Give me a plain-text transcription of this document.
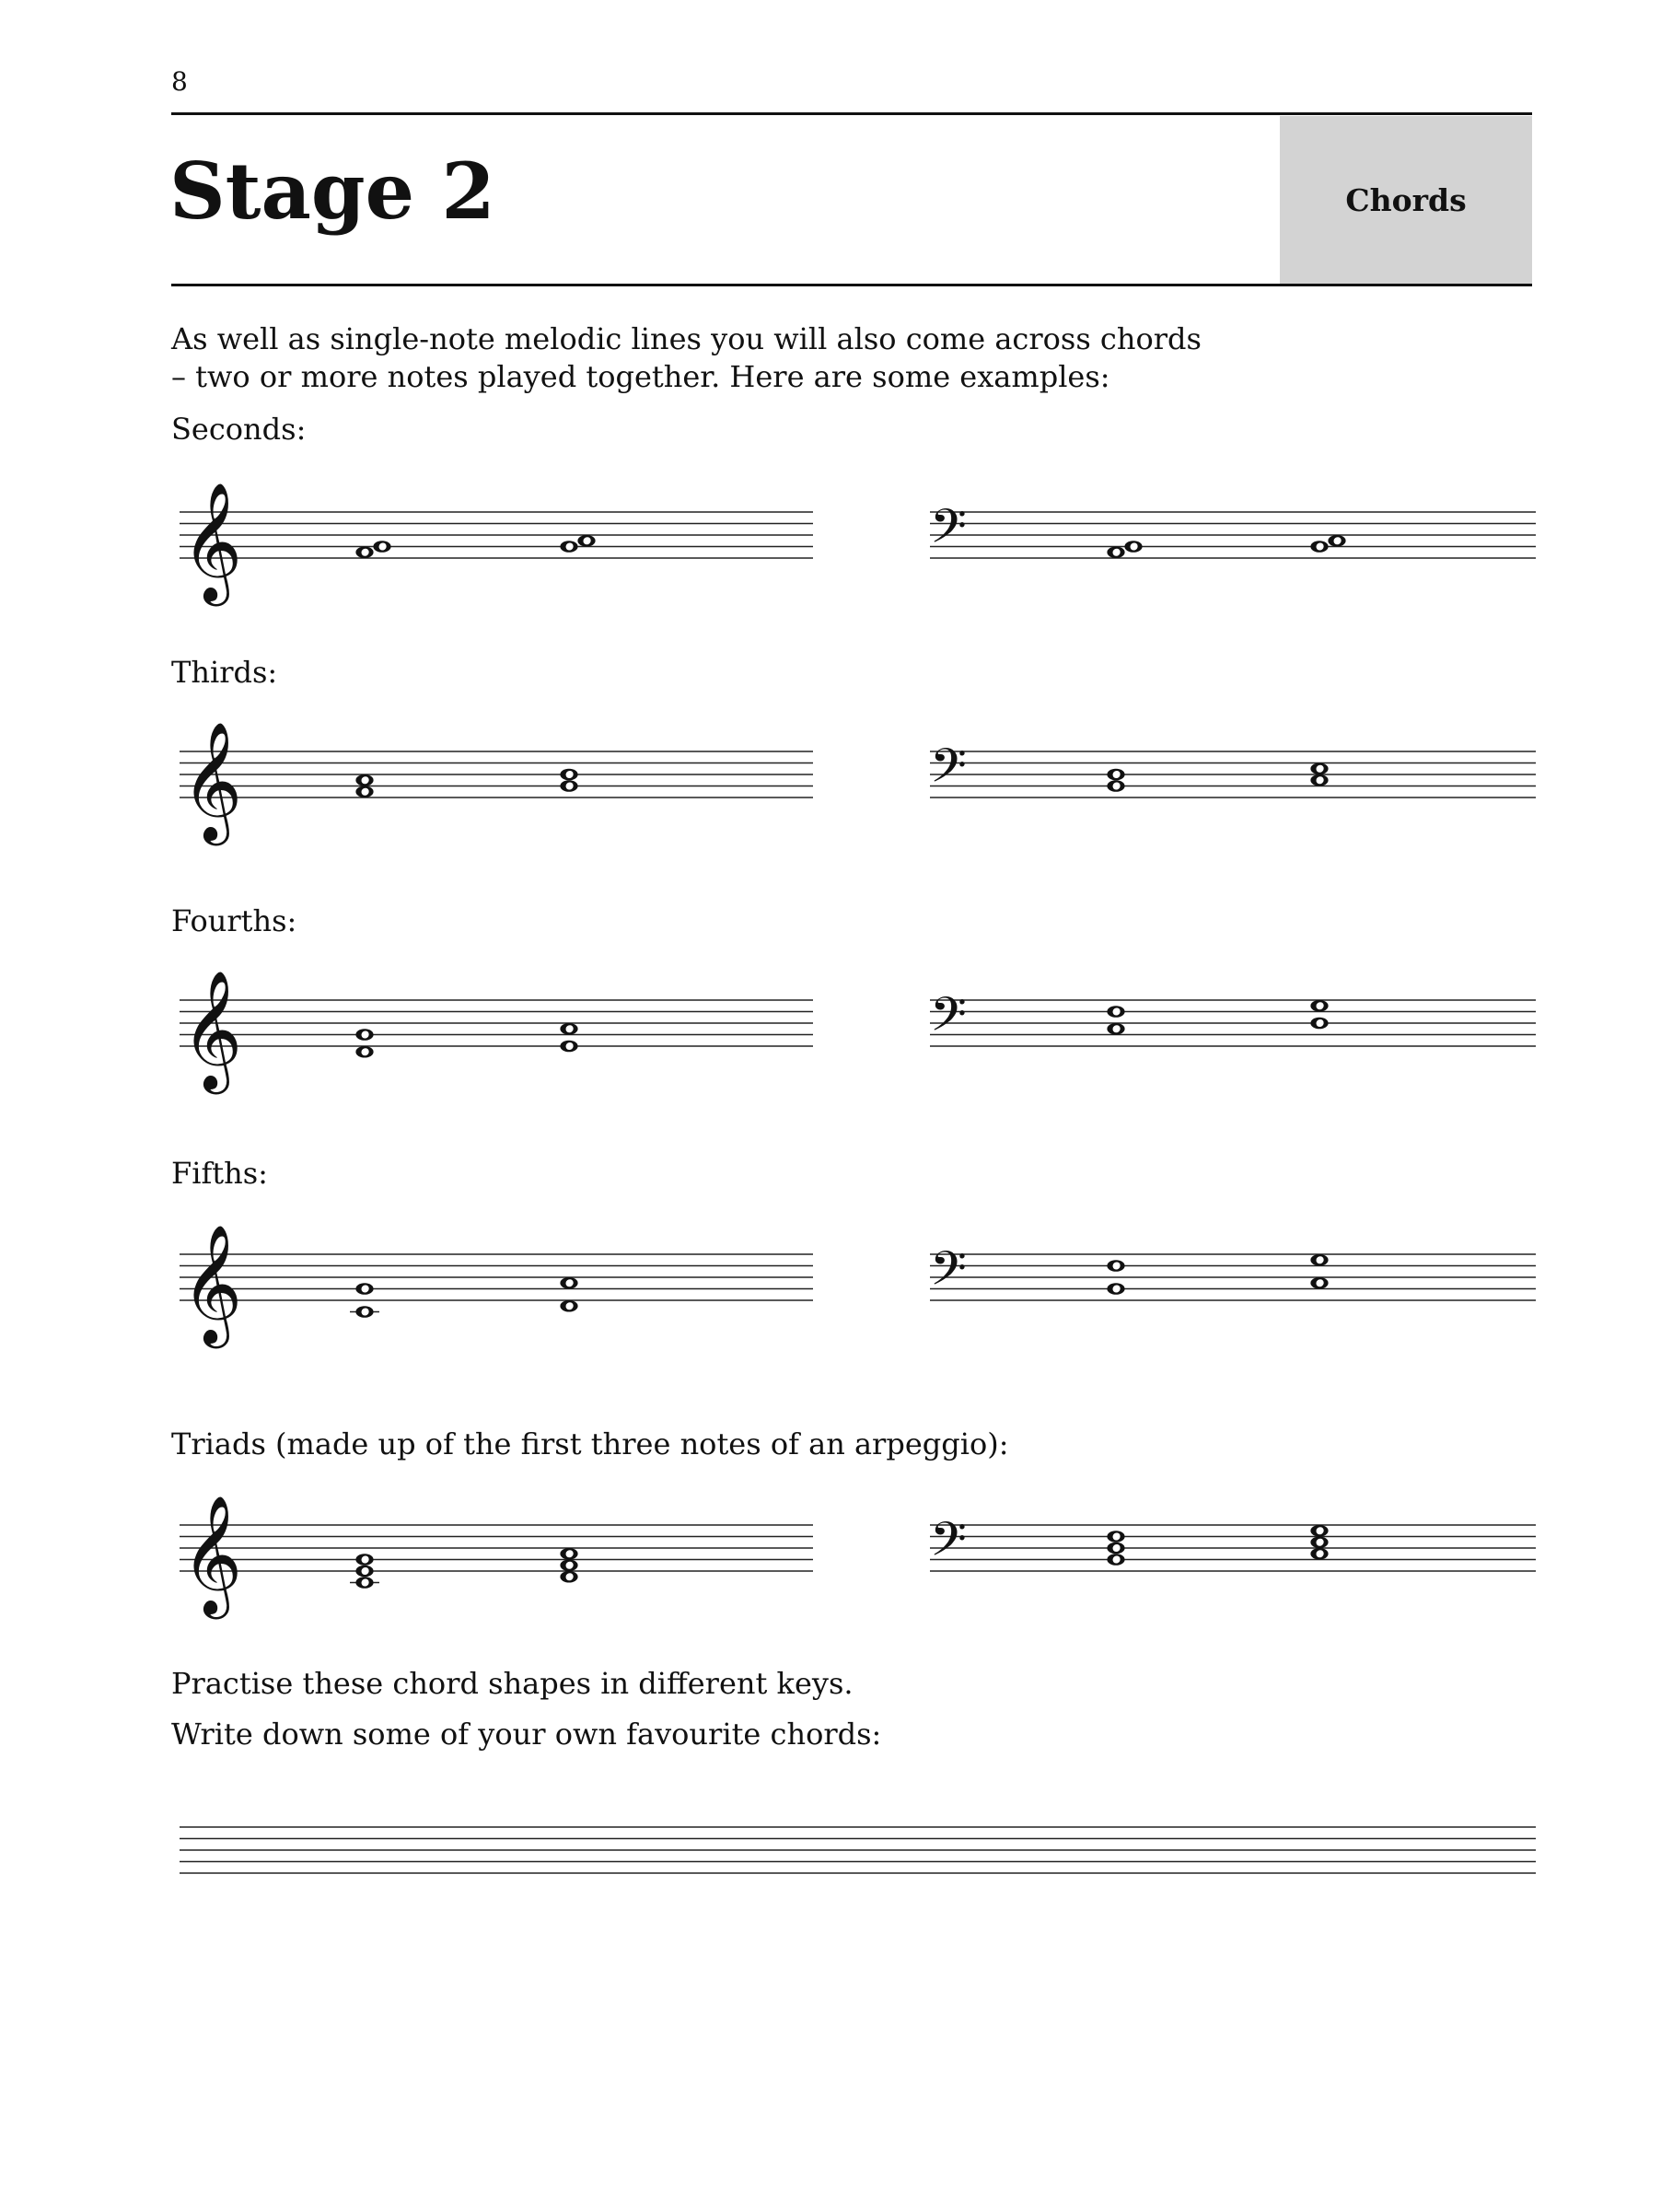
8
Stage 2	Chords
As well as single-note melodic lines you will also come across chords
– two or more notes played together. Here are some examples:
Seconds:
Thirds:
Fourths:
Fifths:
Triads (made up of the first three notes of an arpeggio):
Practise these chord shapes in different keys.
Write down some of your own favourite chords:
𝄞	𝄢
𝄞	𝄢
𝄞	𝄢
𝄞	𝄢
𝄞	𝄢
